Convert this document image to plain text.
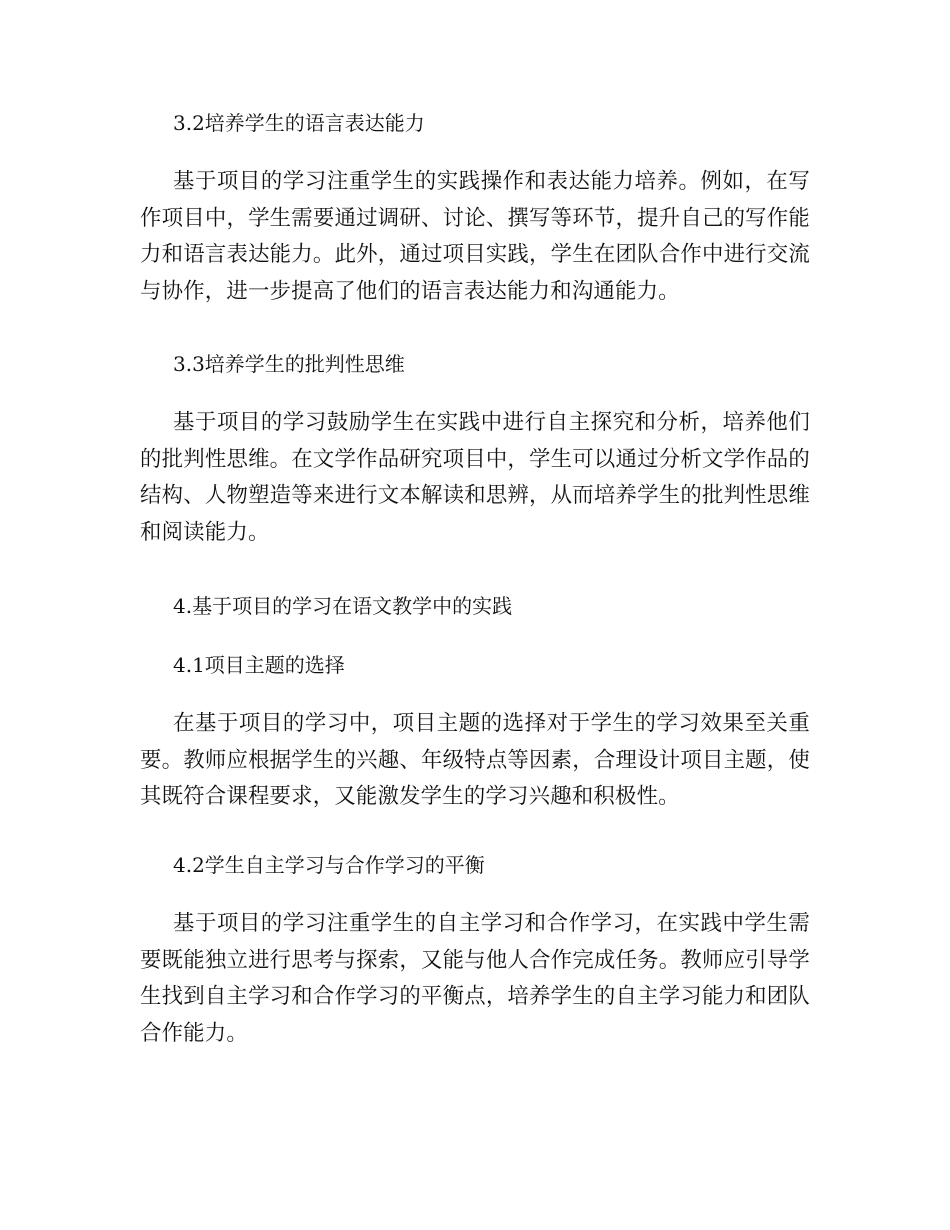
3.2培养学生的语言表达能力

基于项目的学习注重学生的实践操作和表达能力培养。例如，在写作项目中，学生需要通过调研、讨论、撰写等环节，提升自己的写作能力和语言表达能力。此外，通过项目实践，学生在团队合作中进行交流与协作，进一步提高了他们的语言表达能力和沟通能力。

3.3培养学生的批判性思维

基于项目的学习鼓励学生在实践中进行自主探究和分析，培养他们的批判性思维。在文学作品研究项目中，学生可以通过分析文学作品的结构、人物塑造等来进行文本解读和思辨，从而培养学生的批判性思维和阅读能力。

4.基于项目的学习在语文教学中的实践
4.1项目主题的选择

在基于项目的学习中，项目主题的选择对于学生的学习效果至关重要。教师应根据学生的兴趣、年级特点等因素，合理设计项目主题，使其既符合课程要求，又能激发学生的学习兴趣和积极性。

4.2学生自主学习与合作学习的平衡

基于项目的学习注重学生的自主学习和合作学习，在实践中学生需要既能独立进行思考与探索，又能与他人合作完成任务。教师应引导学生找到自主学习和合作学习的平衡点，培养学生的自主学习能力和团队合作能力。
